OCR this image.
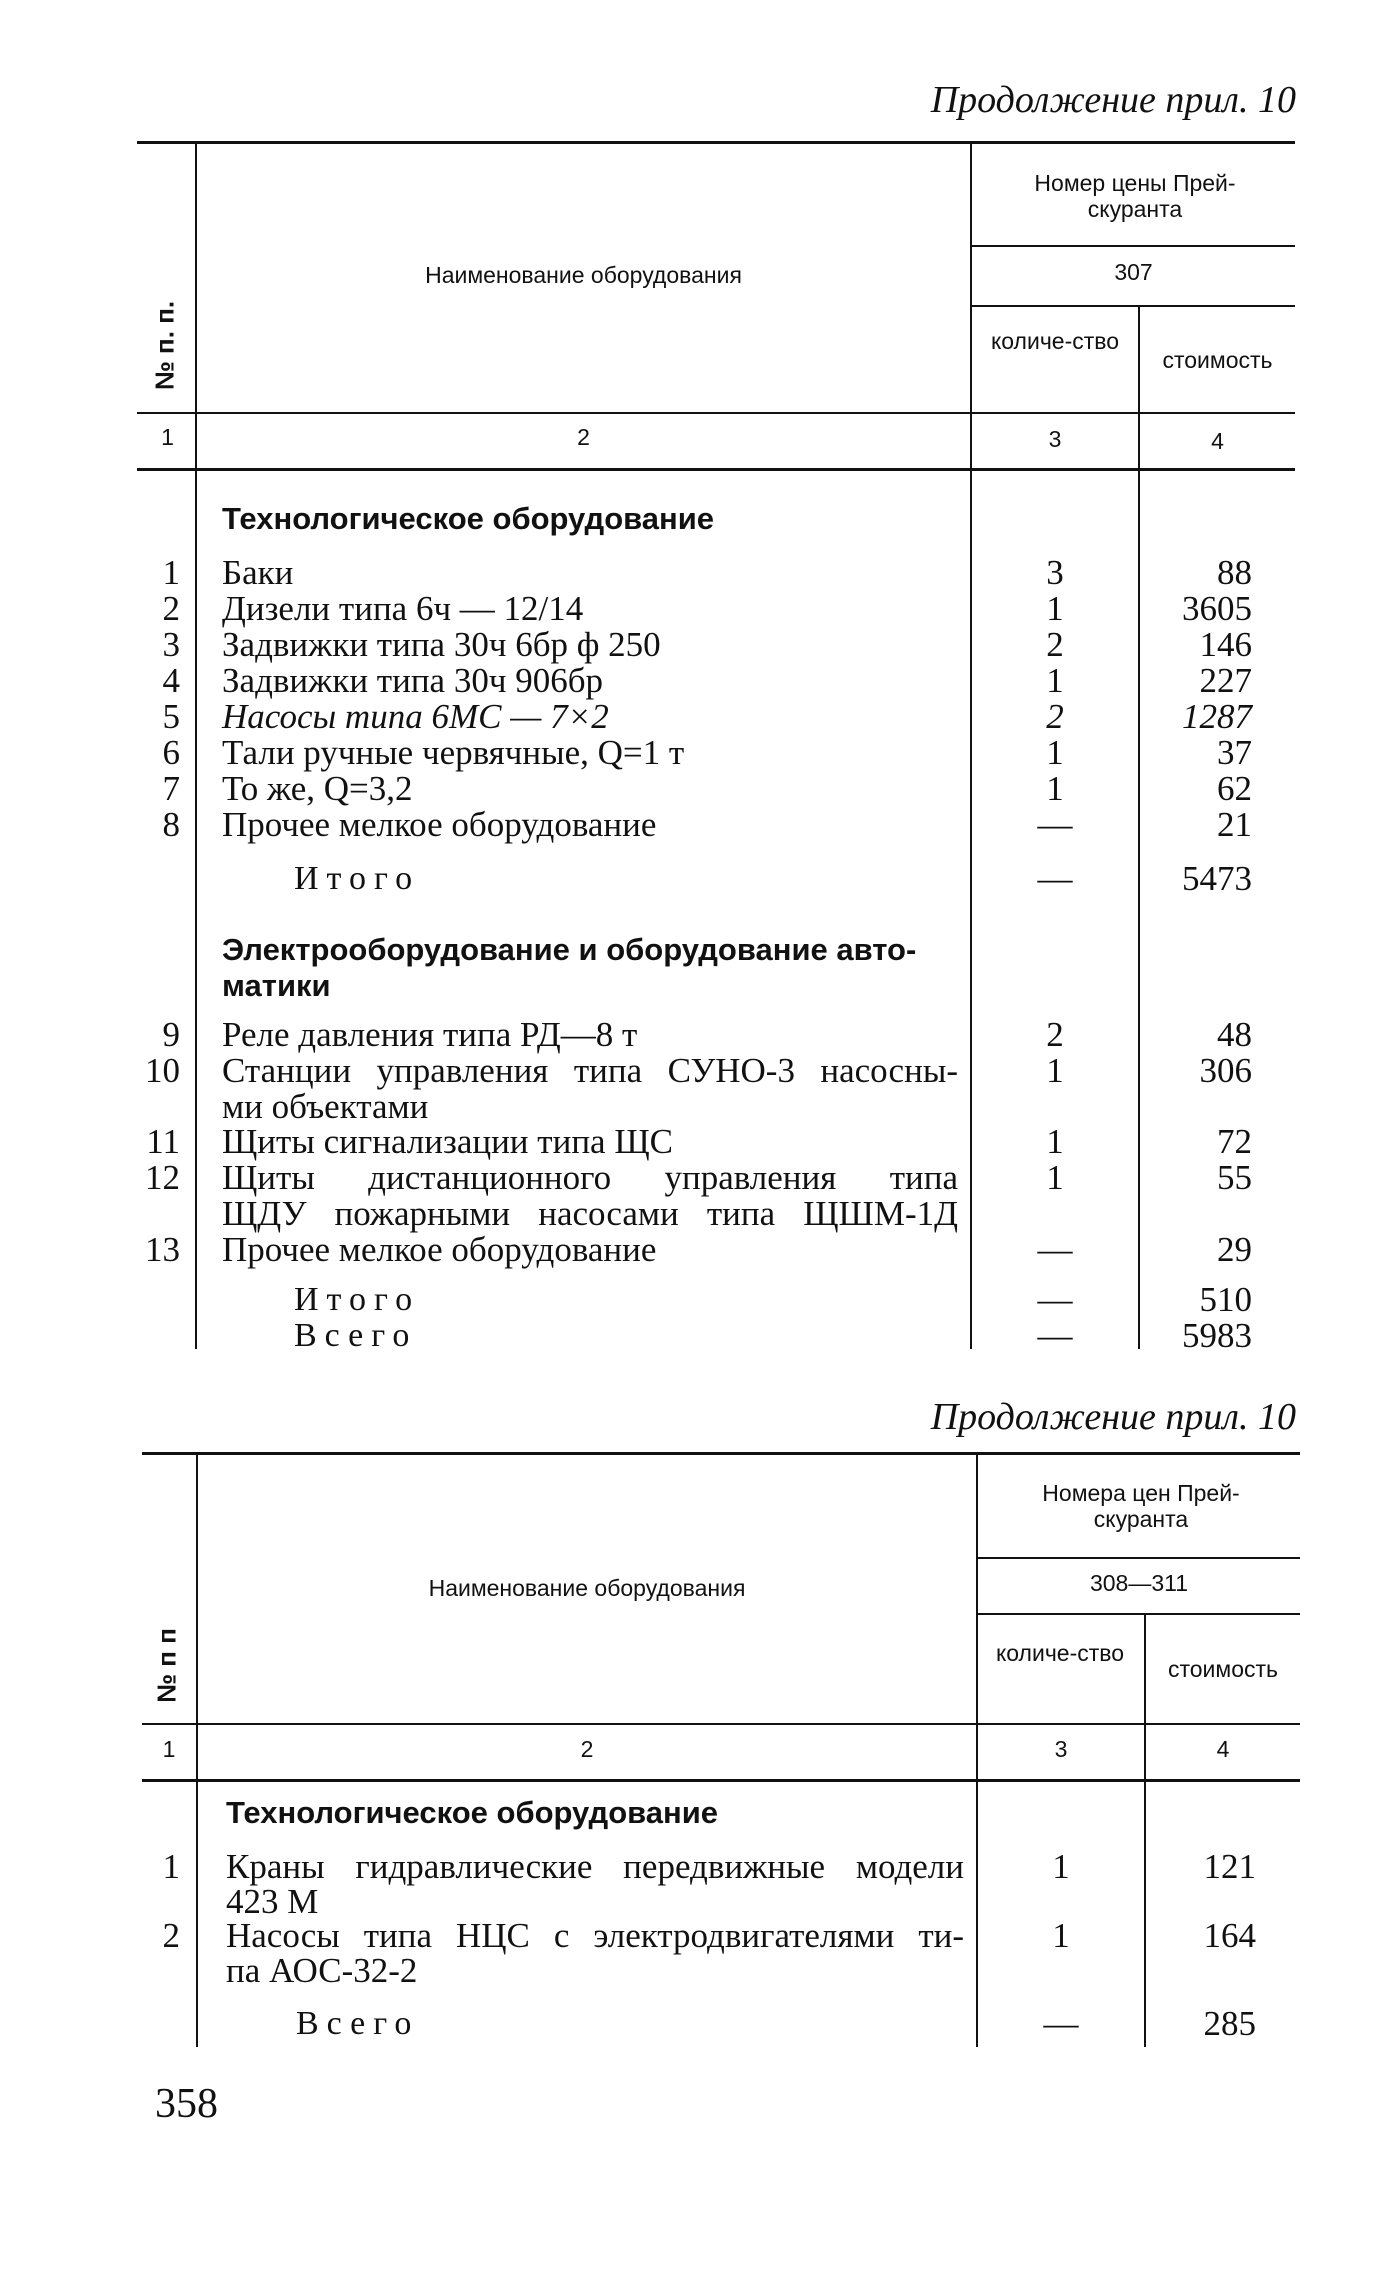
Продолжение прил. 10
№ п. п.
Наименование оборудования
Номер цены Прей-скуранта
307
количе-ство
стоимость
1	2	3	4
Технологическое оборудование
1 Баки	3	88
2 Дизели типа 6ч — 12/14	1	3605
3 Задвижки типа 30ч 6бр ф 250	2	146
4 Задвижки типа 30ч 906бр	1	227
5 Насосы типа 6МС — 7×2	2	1287
6 Тали ручные червячные, Q=1 т	1	37
7 То же, Q=3,2	1	62
8 Прочее мелкое оборудование	—	21
Итого	—	5473
Электрооборудование и оборудование авто-
матики
9 Реле давления типа РД—8 т	2	48
10 Станции управления типа СУНО-3 насосны-
ми объектами
1	306
11 Щиты сигнализации типа ЩС	1	72
12 Щиты дистанционного управления типа
ЩДУ пожарными насосами типа ЩШМ-1Д
1	55
13 Прочее мелкое оборудование	—	29
Итого	—	510
Всего	—	5983
Продолжение прил. 10
№ п п
Наименование оборудования
Номера цен Прей-скуранта
308—311
количе-ство
стоимость
1	2	3	4
Технологическое оборудование
1 Краны гидравлические передвижные модели
423 М
1	121
2 Насосы типа НЦС с электродвигателями ти-
па АОС-32-2
1	164
Всего	—	285
358
